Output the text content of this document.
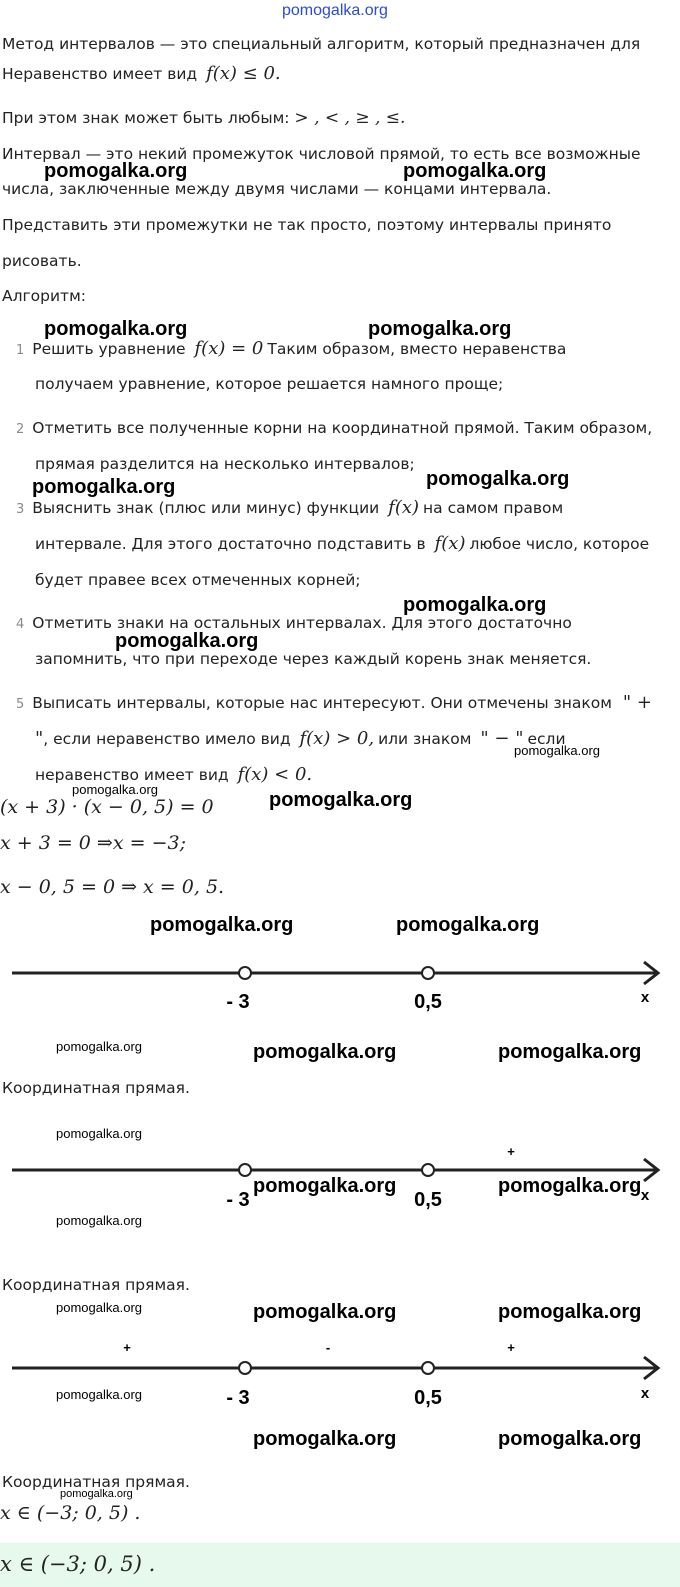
pomogalka.org
Метод интервалов — это специальный алгоритм, который предназначен для
Неравенство имеет вид f(x) ≤ 0.
При этом знак может быть любым: > , < , ≥ , ≤.
Интервал — это некий промежуток числовой прямой, то есть все возможные
числа, заключенные между двумя числами — концами интервала.
Представить эти промежутки не так просто, поэтому интервалы принято
рисовать.
Алгоритм:
1 Решить уравнение f(x) = 0 Таким образом, вместо неравенства
получаем уравнение, которое решается намного проще;
2 Отметить все полученные корни на координатной прямой. Таким образом,
прямая разделится на несколько интервалов;
3 Выяснить знак (плюс или минус) функции f(x) на самом правом
интервале. Для этого достаточно подставить в f(x) любое число, которое
будет правее всех отмеченных корней;
4 Отметить знаки на остальных интервалах. Для этого достаточно
запомнить, что при переходе через каждый корень знак меняется.
5 Выписать интервалы, которые нас интересуют. Они отмечены знаком " +
", если неравенство имело вид f(x) > 0, или знаком " − " если
неравенство имеет вид f(x) < 0.
(x + 3) · (x − 0, 5) = 0
x + 3 = 0 ⇒x = −3;
x − 0, 5 = 0 ⇒ x = 0, 5.
- 3	0,5	x
Координатная прямая.
+
- 3	0,5	x
Координатная прямая.
+	-	+
- 3	0,5	x
Координатная прямая.
x ∈ (−3; 0, 5) .
x ∈ (−3; 0, 5) .
pomogalka.org	pomogalka.org
pomogalka.org	pomogalka.org
pomogalka.org
pomogalka.org
pomogalka.org
pomogalka.org
pomogalka.org
pomogalka.org	pomogalka.org
pomogalka.org	pomogalka.org
pomogalka.org	pomogalka.org	pomogalka.org
pomogalka.org
pomogalka.org	pomogalka.org
pomogalka.org
pomogalka.org	pomogalka.org	pomogalka.org
pomogalka.org
pomogalka.org	pomogalka.org
pomogalka.org
